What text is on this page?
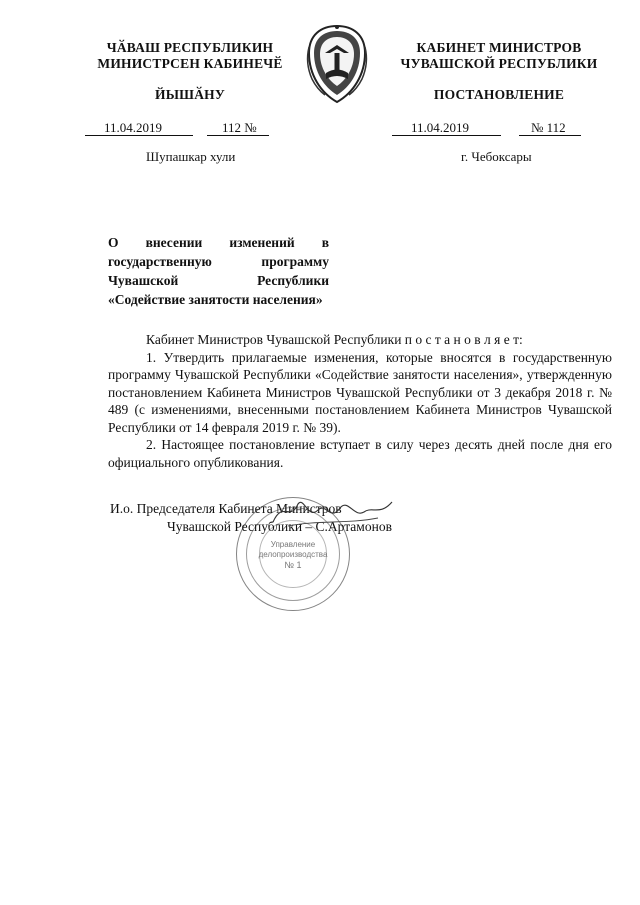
ЧӐВАШ РЕСПУБЛИКИН
МИНИСТРСЕН КАБИНЕЧӖ
ЙЫШӐНУ
КАБИНЕТ МИНИСТРОВ
ЧУВАШСКОЙ РЕСПУБЛИКИ
ПОСТАНОВЛЕНИЕ
11.04.2019	112 №	11.04.2019	№ 112
Шупашкар хули	г. Чебоксары
О внесении изменений в государственную программу Чувашской Республики «Содействие занятости населения»

Кабинет Министров Чувашской Республики п о с т а н о в л я е т:

1. Утвердить прилагаемые изменения, которые вносятся в государственную программу Чувашской Республики «Содействие занятости населения», утвержденную постановлением Кабинета Министров Чувашской Республики от 3 декабря 2018 г. № 489 (с изменениями, внесенными постановлением Кабинета Министров Чувашской Республики от 14 февраля 2019 г. № 39).

2. Настоящее постановление вступает в силу через десять дней после дня его официального опубликования.

Управление
делопроизводства
№ 1
И.о. Председателя Кабинета Министров
Чувашской Республики – С.Артамонов
